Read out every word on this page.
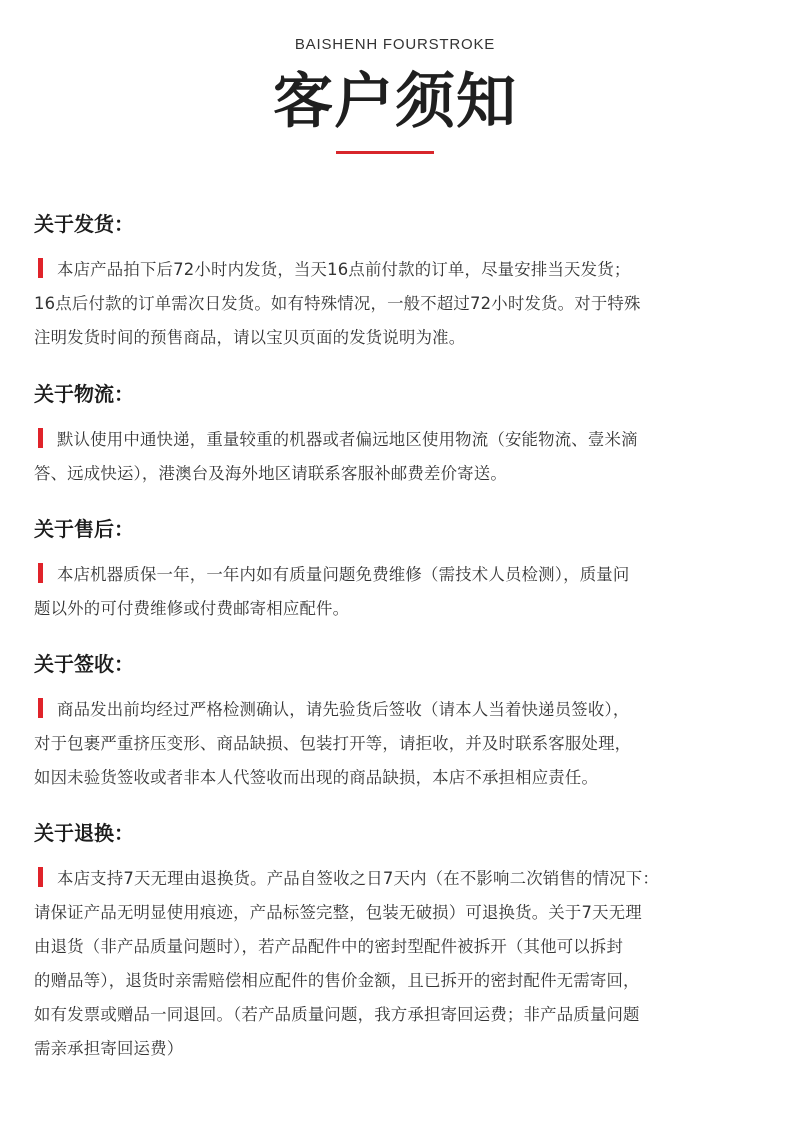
BAISHENH FOURSTROKE
客户须知
关于发货：
本店产品拍下后72小时内发货，当天16点前付款的订单，尽量安排当天发货；
16点后付款的订单需次日发货。如有特殊情况，一般不超过72小时发货。对于特殊
注明发货时间的预售商品，请以宝贝页面的发货说明为准。
关于物流：
默认使用中通快递，重量较重的机器或者偏远地区使用物流（安能物流、壹米滴
答、远成快运），港澳台及海外地区请联系客服补邮费差价寄送。
关于售后：
本店机器质保一年，一年内如有质量问题免费维修（需技术人员检测），质量问
题以外的可付费维修或付费邮寄相应配件。
关于签收：
商品发出前均经过严格检测确认，请先验货后签收（请本人当着快递员签收），
对于包裹严重挤压变形、商品缺损、包装打开等，请拒收，并及时联系客服处理，
如因未验货签收或者非本人代签收而出现的商品缺损，本店不承担相应责任。
关于退换：
本店支持7天无理由退换货。产品自签收之日7天内（在不影响二次销售的情况下：
请保证产品无明显使用痕迹，产品标签完整，包装无破损）可退换货。关于7天无理
由退货（非产品质量问题时），若产品配件中的密封型配件被拆开（其他可以拆封
的赠品等），退货时亲需赔偿相应配件的售价金额，且已拆开的密封配件无需寄回，
如有发票或赠品一同退回。（若产品质量问题，我方承担寄回运费；非产品质量问题
需亲承担寄回运费）
